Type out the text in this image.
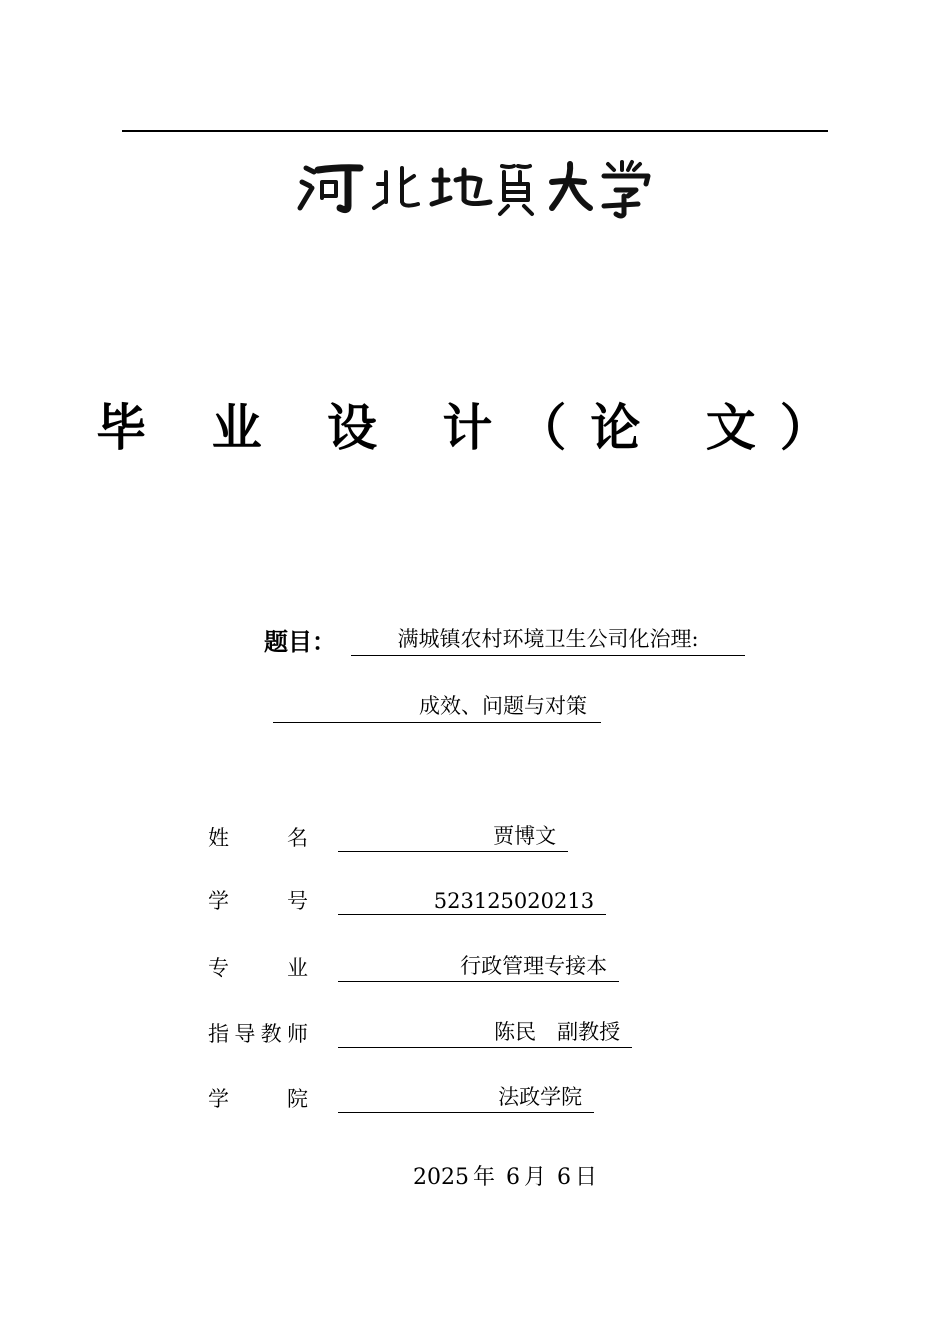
毕 业 设 计（论 文）
题目：	满城镇农村环境卫生公司化治理:
成效、问题与对策
姓名	贾博文
学号	523125020213
专业	行政管理专接本
指导教师	陈民　副教授
学院	法政学院
2025 年 6 月 6 日
